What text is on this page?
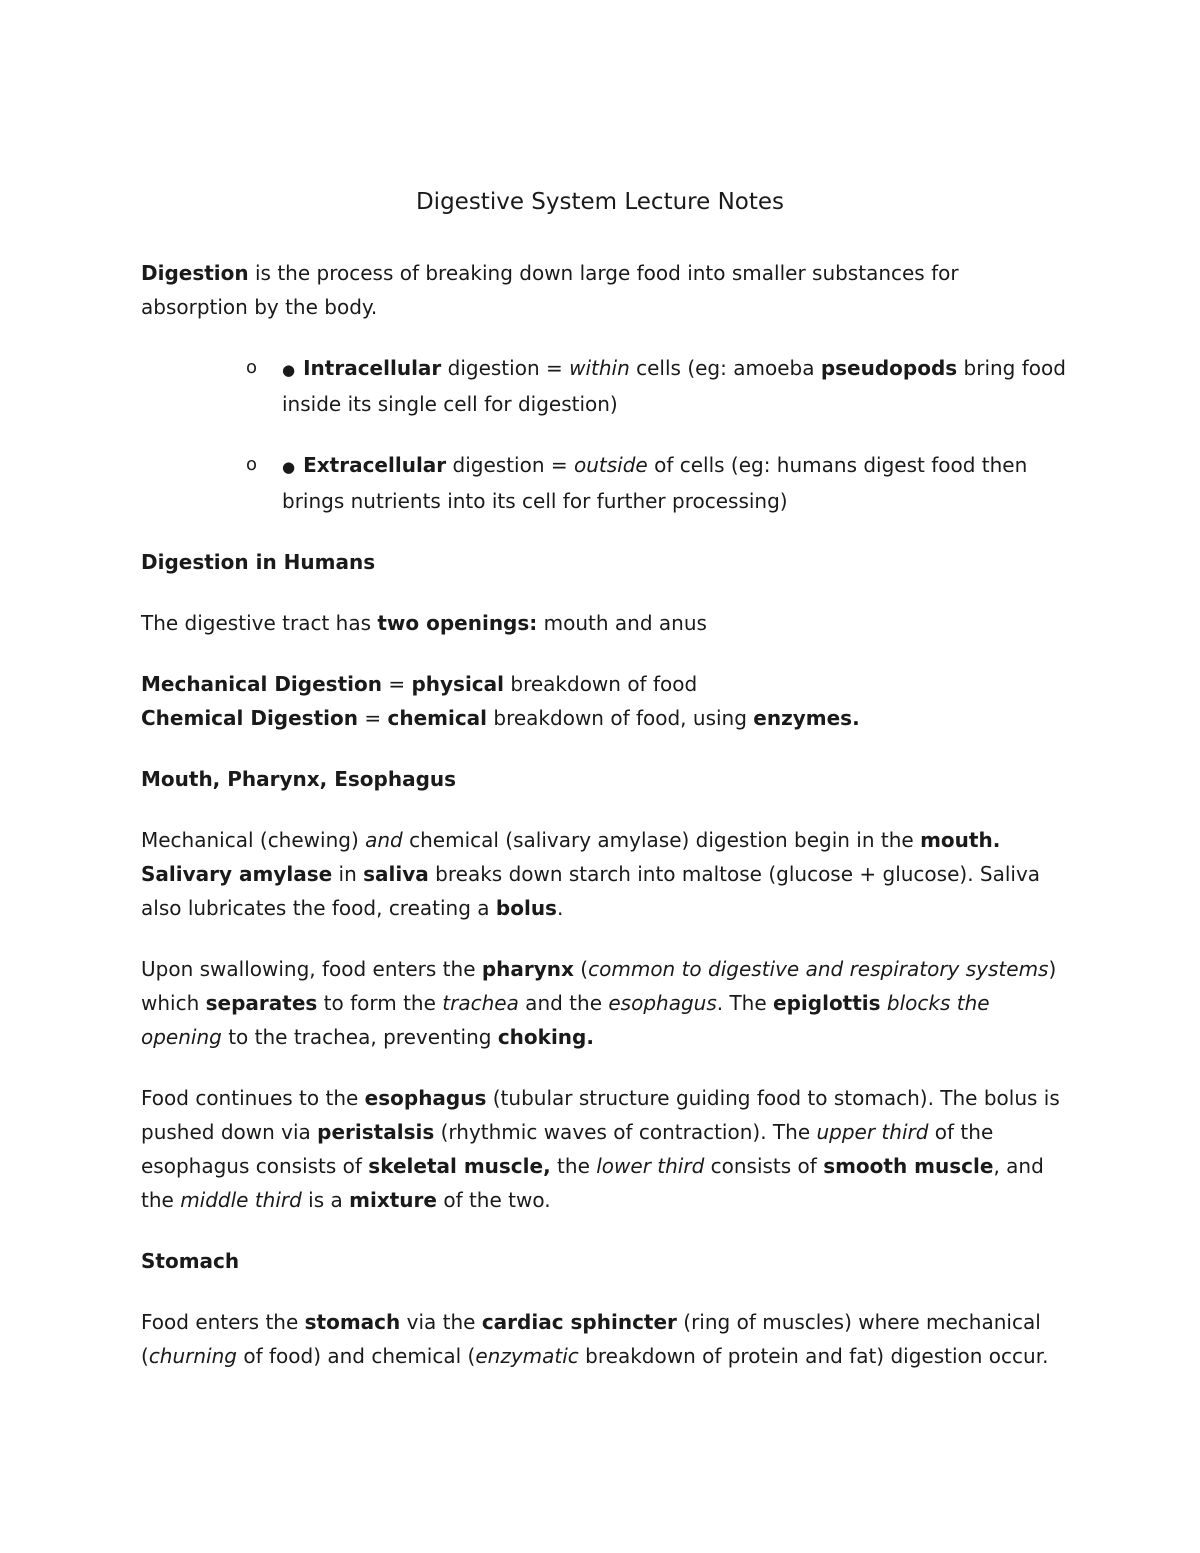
Digestive System Lecture Notes

Digestion is the process of breaking down large food into smaller substances for absorption by the body.

o ● Intracellular digestion = within cells (eg: amoeba pseudopods bring food inside its single cell for digestion)
o ● Extracellular digestion = outside of cells (eg: humans digest food then brings nutrients into its cell for further processing)

Digestion in Humans

The digestive tract has two openings: mouth and anus

Mechanical Digestion = physical breakdown of food

Chemical Digestion = chemical breakdown of food, using enzymes.

Mouth, Pharynx, Esophagus

Mechanical (chewing) and chemical (salivary amylase) digestion begin in the mouth.
Salivary amylase in saliva breaks down starch into maltose (glucose + glucose). Saliva also lubricates the food, creating a bolus.

Upon swallowing, food enters the pharynx (common to digestive and respiratory systems) which separates to form the trachea and the esophagus. The epiglottis blocks the opening to the trachea, preventing choking.

Food continues to the esophagus (tubular structure guiding food to stomach). The bolus is pushed down via peristalsis (rhythmic waves of contraction). The upper third of the esophagus consists of skeletal muscle, the lower third consists of smooth muscle, and the middle third is a mixture of the two.

Stomach

Food enters the stomach via the cardiac sphincter (ring of muscles) where mechanical (churning of food) and chemical (enzymatic breakdown of protein and fat) digestion occur.
